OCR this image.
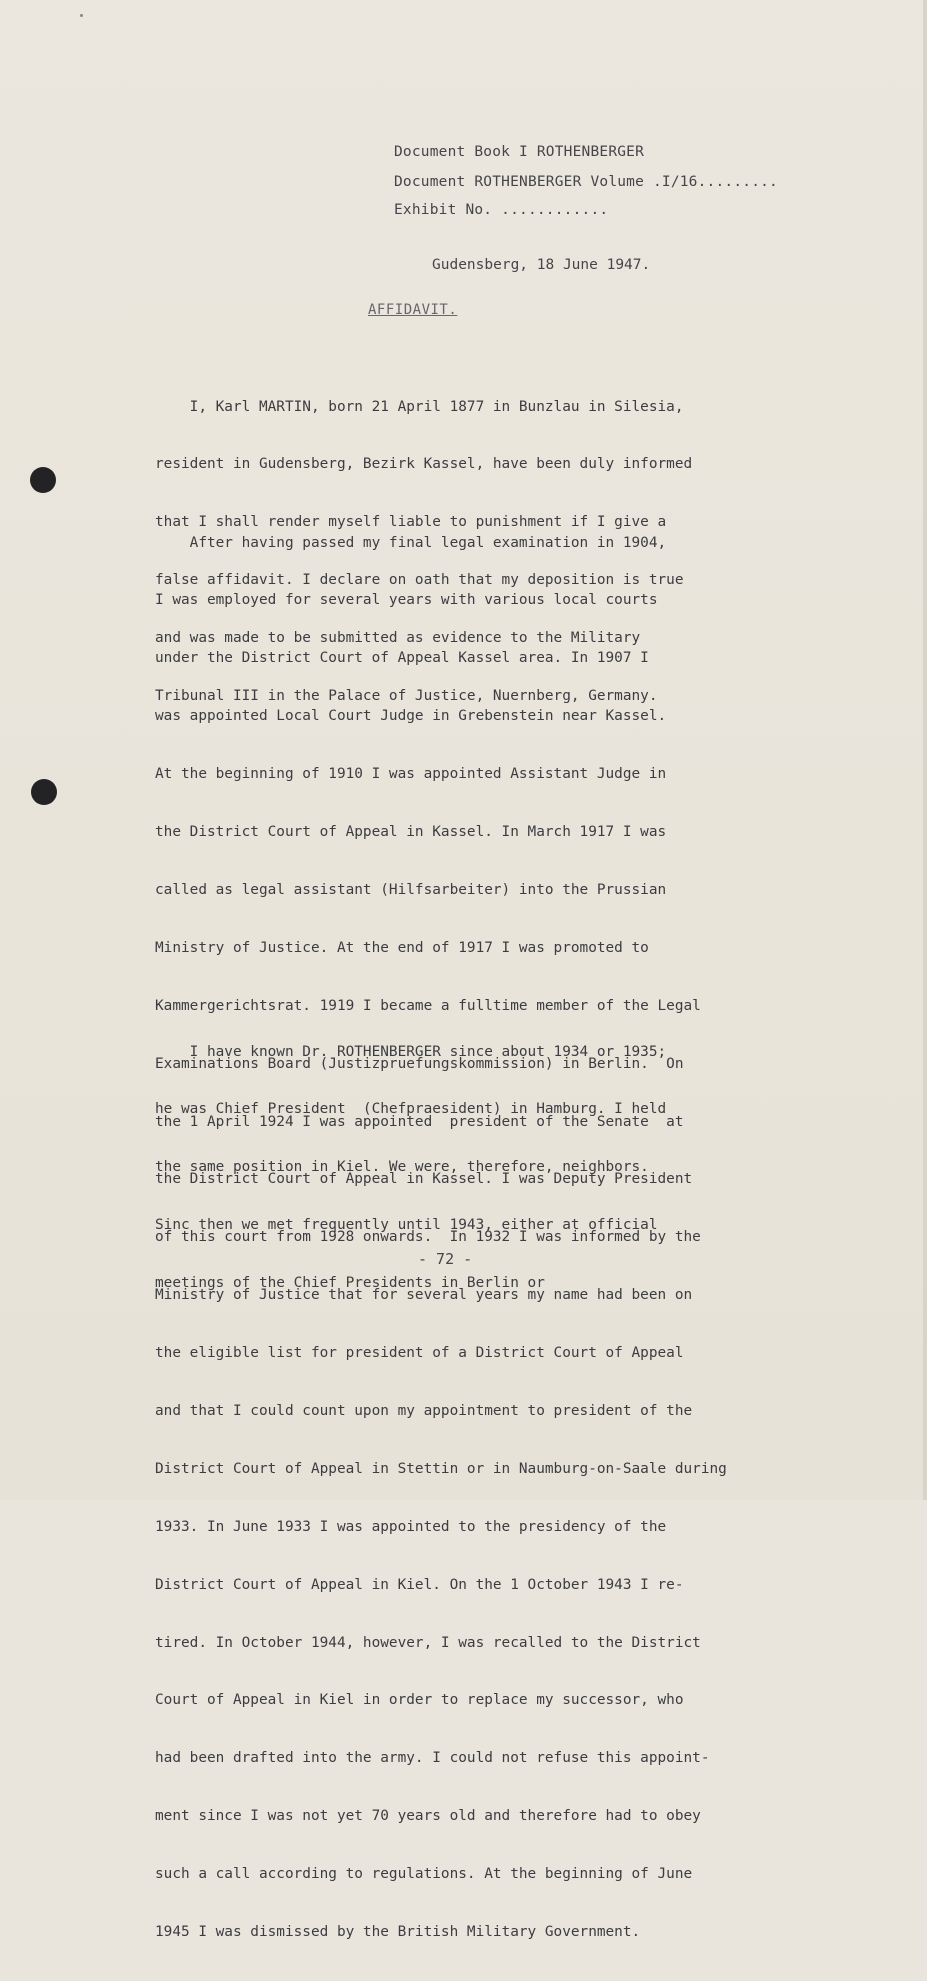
Document Book I ROTHENBERGER
Document ROTHENBERGER Volume .I/16.........
Exhibit No. ............
Gudensberg, 18 June 1947.
AFFIDAVIT.

I, Karl MARTIN, born 21 April 1877 in Bunzlau in Silesia,

resident in Gudensberg, Bezirk Kassel, have been duly informed

that I shall render myself liable to punishment if I give a

false affidavit. I declare on oath that my deposition is true

and was made to be submitted as evidence to the Military

Tribunal III in the Palace of Justice, Nuernberg, Germany.

After having passed my final legal examination in 1904,

I was employed for several years with various local courts

under the District Court of Appeal Kassel area. In 1907 I

was appointed Local Court Judge in Grebenstein near Kassel.

At the beginning of 1910 I was appointed Assistant Judge in

the District Court of Appeal in Kassel. In March 1917 I was

called as legal assistant (Hilfsarbeiter) into the Prussian

Ministry of Justice. At the end of 1917 I was promoted to

Kammergerichtsrat. 1919 I became a fulltime member of the Legal

Examinations Board (Justizpruefungskommission) in Berlin.  On

the 1 April 1924 I was appointed  president of the Senate  at

the District Court of Appeal in Kassel. I was Deputy President

of this court from 1928 onwards.  In 1932 I was informed by the

Ministry of Justice that for several years my name had been on

the eligible list for president of a District Court of Appeal

and that I could count upon my appointment to president of the

District Court of Appeal in Stettin or in Naumburg-on-Saale during

1933. In June 1933 I was appointed to the presidency of the

District Court of Appeal in Kiel. On the 1 October 1943 I re-

tired. In October 1944, however, I was recalled to the District

Court of Appeal in Kiel in order to replace my successor, who

had been drafted into the army. I could not refuse this appoint-

ment since I was not yet 70 years old and therefore had to obey

such a call according to regulations. At the beginning of June

1945 I was dismissed by the British Military Government.

I have known Dr. ROTHENBERGER since about 1934 or 1935;

he was Chief President  (Chefpraesident) in Hamburg. I held

the same position in Kiel. We were, therefore, neighbors.

Sinc then we met frequently until 1943, either at official

meetings of the Chief Presidents in Berlin or

- 72 -
